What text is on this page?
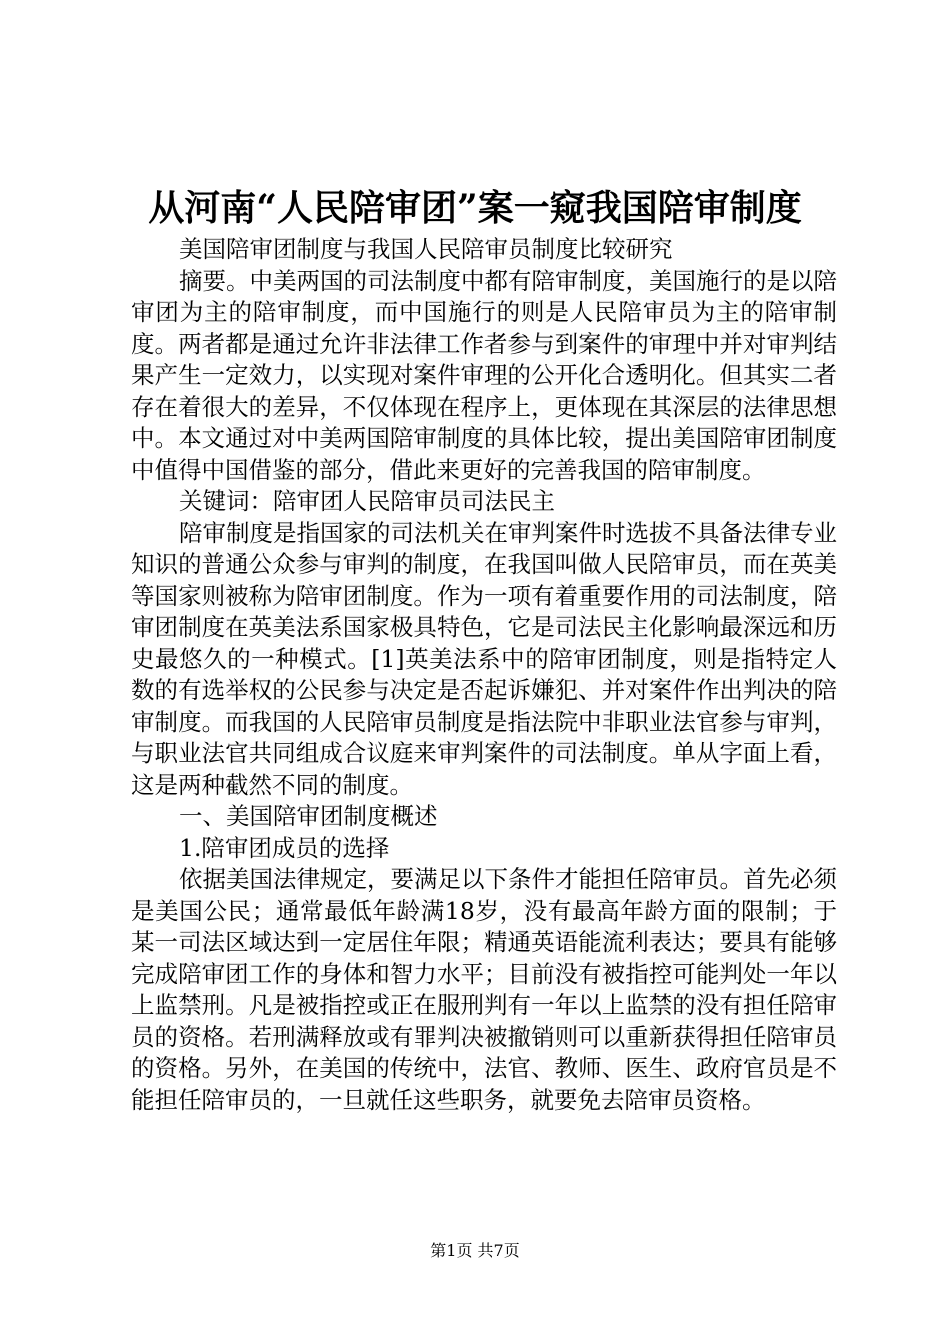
从河南“人民陪审团”案一窥我国陪审制度

美国陪审团制度与我国人民陪审员制度比较研究

摘要。中美两国的司法制度中都有陪审制度，美国施行的是以陪审团为主的陪审制度，而中国施行的则是人民陪审员为主的陪审制度。两者都是通过允许非法律工作者参与到案件的审理中并对审判结果产生一定效力，以实现对案件审理的公开化合透明化。但其实二者存在着很大的差异，不仅体现在程序上，更体现在其深层的法律思想中。本文通过对中美两国陪审制度的具体比较，提出美国陪审团制度中值得中国借鉴的部分，借此来更好的完善我国的陪审制度。

关键词：陪审团人民陪审员司法民主

陪审制度是指国家的司法机关在审判案件时选拔不具备法律专业知识的普通公众参与审判的制度，在我国叫做人民陪审员，而在英美等国家则被称为陪审团制度。作为一项有着重要作用的司法制度，陪审团制度在英美法系国家极具特色，它是司法民主化影响最深远和历史最悠久的一种模式。[1]英美法系中的陪审团制度，则是指特定人数的有选举权的公民参与决定是否起诉嫌犯、并对案件作出判决的陪审制度。而我国的人民陪审员制度是指法院中非职业法官参与审判，与职业法官共同组成合议庭来审判案件的司法制度。单从字面上看，这是两种截然不同的制度。

一、美国陪审团制度概述

1.陪审团成员的选择

依据美国法律规定，要满足以下条件才能担任陪审员。首先必须是美国公民；通常最低年龄满18岁，没有最高年龄方面的限制；于某一司法区域达到一定居住年限；精通英语能流利表达；要具有能够完成陪审团工作的身体和智力水平；目前没有被指控可能判处一年以上监禁刑。凡是被指控或正在服刑判有一年以上监禁的没有担任陪审员的资格。若刑满释放或有罪判决被撤销则可以重新获得担任陪审员的资格。另外，在美国的传统中，法官、教师、医生、政府官员是不能担任陪审员的，一旦就任这些职务，就要免去陪审员资格。

第1页 共7页
